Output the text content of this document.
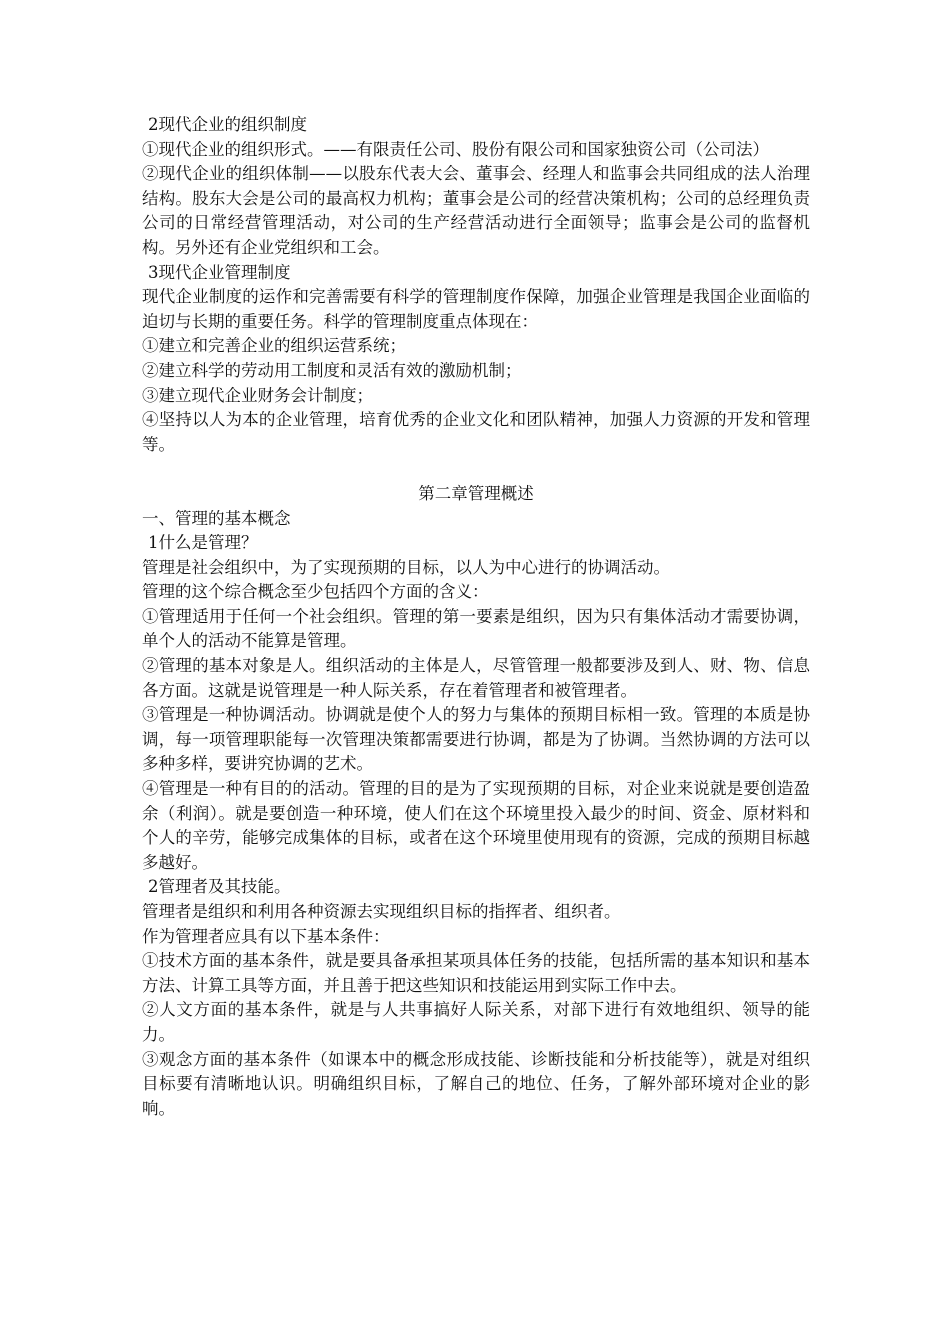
2现代企业的组织制度

①现代企业的组织形式。——有限责任公司、股份有限公司和国家独资公司（公司法）

②现代企业的组织体制——以股东代表大会、董事会、经理人和监事会共同组成的法人治理结构。股东大会是公司的最高权力机构；董事会是公司的经营决策机构；公司的总经理负责公司的日常经营管理活动，对公司的生产经营活动进行全面领导；监事会是公司的监督机构。另外还有企业党组织和工会。

3现代企业管理制度

现代企业制度的运作和完善需要有科学的管理制度作保障，加强企业管理是我国企业面临的迫切与长期的重要任务。科学的管理制度重点体现在：

①建立和完善企业的组织运营系统；

②建立科学的劳动用工制度和灵活有效的激励机制；

③建立现代企业财务会计制度；

④坚持以人为本的企业管理，培育优秀的企业文化和团队精神，加强人力资源的开发和管理等。

第二章管理概述

一、管理的基本概念

1什么是管理？

管理是社会组织中，为了实现预期的目标，以人为中心进行的协调活动。

管理的这个综合概念至少包括四个方面的含义：

①管理适用于任何一个社会组织。管理的第一要素是组织，因为只有集体活动才需要协调，单个人的活动不能算是管理。

②管理的基本对象是人。组织活动的主体是人，尽管管理一般都要涉及到人、财、物、信息各方面。这就是说管理是一种人际关系，存在着管理者和被管理者。

③管理是一种协调活动。协调就是使个人的努力与集体的预期目标相一致。管理的本质是协调，每一项管理职能每一次管理决策都需要进行协调，都是为了协调。当然协调的方法可以多种多样，要讲究协调的艺术。

④管理是一种有目的的活动。管理的目的是为了实现预期的目标，对企业来说就是要创造盈余（利润）。就是要创造一种环境，使人们在这个环境里投入最少的时间、资金、原材料和个人的辛劳，能够完成集体的目标，或者在这个环境里使用现有的资源，完成的预期目标越多越好。

2管理者及其技能。

管理者是组织和利用各种资源去实现组织目标的指挥者、组织者。

作为管理者应具有以下基本条件：

①技术方面的基本条件，就是要具备承担某项具体任务的技能，包括所需的基本知识和基本方法、计算工具等方面，并且善于把这些知识和技能运用到实际工作中去。

②人文方面的基本条件，就是与人共事搞好人际关系，对部下进行有效地组织、领导的能力。

③观念方面的基本条件（如课本中的概念形成技能、诊断技能和分析技能等），就是对组织目标要有清晰地认识。明确组织目标，了解自己的地位、任务，了解外部环境对企业的影响。
